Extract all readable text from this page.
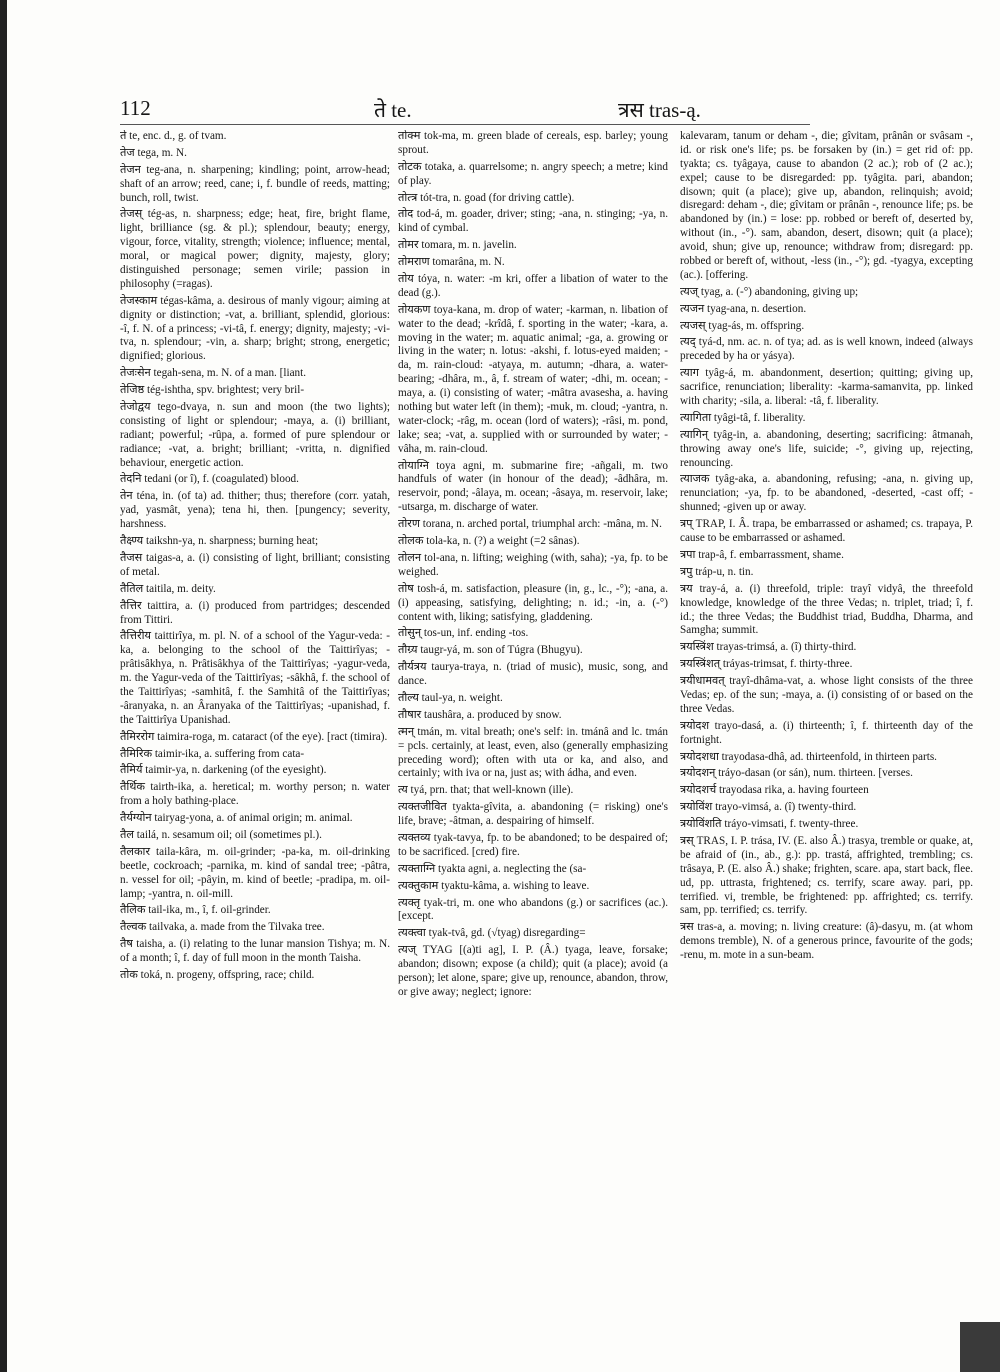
112	ते te.	त्रस tras-ą.

ते te, enc. d., g. of tvam.

तेज tega, m. N.

तेजन teg-ana, n. sharpening; kindling; point, arrow-head; shaft of an arrow; reed, cane; i, f. bundle of reeds, matting; bunch, roll, twist.

तेजस् tég-as, n. sharpness; edge; heat, fire, bright flame, light, brilliance (sg. & pl.); splendour, beauty; energy, vigour, force, vitality, strength; violence; influence; mental, moral, or magical power; dignity, majesty, glory; distinguished personage; semen virile; passion in philosophy (=ragas).

तेजस्काम tégas-kâma, a. desirous of manly vigour; aiming at dignity or distinction; -vat, a. brilliant, splendid, glorious: -î, f. N. of a princess; -vi-tâ, f. energy; dignity, majesty; -vi-tva, n. splendour; -vin, a. sharp; bright; strong, energetic; dignified; glorious.

तेजःसेन tegah-sena, m. N. of a man. [liant.

तेजिष्ठ tég-ishtha, spv. brightest; very bril-

तेजोद्वय tego-dvaya, n. sun and moon (the two lights); consisting of light or splendour; -maya, a. (i) brilliant, radiant; powerful; -rûpa, a. formed of pure splendour or radiance; -vat, a. bright; brilliant; -vritta, n. dignified behaviour, energetic action.

तेदनि tedani (or î), f. (coagulated) blood.

तेन téna, in. (of ta) ad. thither; thus; therefore (corr. yatah, yad, yasmât, yena); tena hi, then. [pungency; severity, harshness.

तैक्ष्ण्य taikshn-ya, n. sharpness; burning heat;

तैजस taigas-a, a. (i) consisting of light, brilliant; consisting of metal.

तैतिल taitila, m. deity.

तैत्तिर taittira, a. (i) produced from partridges; descended from Tittiri.

तैत्तिरीय taittirîya, m. pl. N. of a school of the Yagur-veda: -ka, a. belonging to the school of the Taittirîyas; -prâtisâkhya, n. Prâtisâkhya of the Taittirîyas; -yagur-veda, m. the Yagur-veda of the Taittirîyas; -sâkhâ, f. the school of the Taittirîyas; -samhitâ, f. the Samhitâ of the Taittirîyas; -âranyaka, n. an Âranyaka of the Taittirîyas; -upanishad, f. the Taittirîya Upanishad.

तैमिररोग taimira-roga, m. cataract (of the eye). [ract (timira).

तैमिरिक taimir-ika, a. suffering from cata-

तैमिर्य taimir-ya, n. darkening (of the eyesight).

तैर्थिक tairth-ika, a. heretical; m. worthy person; n. water from a holy bathing-place.

तैर्यग्योन tairyag-yona, a. of animal origin; m. animal.

तैल tailá, n. sesamum oil; oil (sometimes pl.).

तैलकार taila-kâra, m. oil-grinder; -pa-ka, m. oil-drinking beetle, cockroach; -parnika, m. kind of sandal tree; -pâtra, n. vessel for oil; -pâyin, m. kind of beetle; -pradipa, m. oil-lamp; -yantra, n. oil-mill.

तैलिक tail-ika, m., î, f. oil-grinder.

तैल्वक tailvaka, a. made from the Tilvaka tree.

तैष taisha, a. (i) relating to the lunar mansion Tishya; m. N. of a month; î, f. day of full moon in the month Taisha.

तोक toká, n. progeny, offspring, race; child.

तोक्म tok-ma, m. green blade of cereals, esp. barley; young sprout.

तोटक totaka, a. quarrelsome; n. angry speech; a metre; kind of play.

तोत्त्र tót-tra, n. goad (for driving cattle).

तोद tod-á, m. goader, driver; sting; -ana, n. stinging; -ya, n. kind of cymbal.

तोमर tomara, m. n. javelin.

तोमराण tomarâna, m. N.

तोय tóya, n. water: -m kri, offer a libation of water to the dead (g.).

तोयकण toya-kana, m. drop of water; -karman, n. libation of water to the dead; -krîdâ, f. sporting in the water; -kara, a. moving in the water; m. aquatic animal; -ga, a. growing or living in the water; n. lotus: -akshi, f. lotus-eyed maiden; -da, m. rain-cloud: -atyaya, m. autumn; -dhara, a. water-bearing; -dhâra, m., â, f. stream of water; -dhi, m. ocean; -maya, a. (i) consisting of water; -mâtra avasesha, a. having nothing but water left (in them); -muk, m. cloud; -yantra, n. water-clock; -râg, m. ocean (lord of waters); -râsi, m. pond, lake; sea; -vat, a. supplied with or surrounded by water; -vâha, m. rain-cloud.

तोयाग्नि toya agni, m. submarine fire; -añgali, m. two handfuls of water (in honour of the dead); -âdhâra, m. reservoir, pond; -âlaya, m. ocean; -âsaya, m. reservoir, lake; -utsarga, m. discharge of water.

तोरण torana, n. arched portal, triumphal arch: -mâna, m. N.

तोलक tola-ka, n. (?) a weight (=2 sânas).

तोलन tol-ana, n. lifting; weighing (with, saha); -ya, fp. to be weighed.

तोष tosh-á, m. satisfaction, pleasure (in, g., lc., -°); -ana, a. (i) appeasing, satisfying, delighting; n. id.; -in, a. (-°) content with, liking; satisfying, gladdening.

तोसुन् tos-un, inf. ending -tos.

तौग्र्य taugr-yá, m. son of Túgra (Bhugyu).

तौर्यत्रय taurya-traya, n. (triad of music), music, song, and dance.

तौल्य taul-ya, n. weight.

तौषार taushâra, a. produced by snow.

त्मन् tmán, m. vital breath; one's self: in. tmánâ and lc. tmán = pcls. certainly, at least, even, also (generally emphasizing preceding word); often with uta or ka, and also, and certainly; with iva or na, just as; with ádha, and even.

त्य tyá, prn. that; that well-known (ille).

त्यक्तजीवित tyakta-gîvita, a. abandoning (= risking) one's life, brave; -âtman, a. despairing of himself.

त्यक्तव्य tyak-tavya, fp. to be abandoned; to be despaired of; to be sacrificed. [cred) fire.

त्यक्ताग्नि tyakta agni, a. neglecting the (sa-

त्यक्तुकाम tyaktu-kâma, a. wishing to leave.

त्यक्तृ tyak-tri, m. one who abandons (g.) or sacrifices (ac.). [except.

त्यक्त्वा tyak-tvâ, gd. (√tyag) disregarding=

त्यज् TYAG [(a)ti ag], I. P. (Â.) tyaga, leave, forsake; abandon; disown; expose (a child); quit (a place); avoid (a person); let alone, spare; give up, renounce, abandon, throw, or give away; neglect; ignore:

kalevaram, tanum or deham -, die; gîvitam, prânân or svâsam -, id. or risk one's life; ps. be forsaken by (in.) = get rid of: pp. tyakta; cs. tyâgaya, cause to abandon (2 ac.); rob of (2 ac.); expel; cause to be disregarded: pp. tyâgita. pari, abandon; disown; quit (a place); give up, abandon, relinquish; avoid; disregard: deham -, die; gîvitam or prânân -, renounce life; ps. be abandoned by (in.) = lose: pp. robbed or bereft of, deserted by, without (in., -°). sam, abandon, desert, disown; quit (a place); avoid, shun; give up, renounce; withdraw from; disregard: pp. robbed or bereft of, without, -less (in., -°); gd. -tyagya, excepting (ac.). [offering.

त्यज् tyag, a. (-°) abandoning, giving up;

त्यजन tyag-ana, n. desertion.

त्यजस् tyag-ás, m. offspring.

त्यद् tyá-d, nm. ac. n. of tya; ad. as is well known, indeed (always preceded by ha or yásya).

त्याग tyâg-á, m. abandonment, desertion; quitting; giving up, sacrifice, renunciation; liberality: -karma-samanvita, pp. linked with charity; -sila, a. liberal: -tâ, f. liberality.

त्यागिता tyâgi-tâ, f. liberality.

त्यागिन् tyâg-in, a. abandoning, deserting; sacrificing: âtmanah, throwing away one's life, suicide; -°, giving up, rejecting, renouncing.

त्याजक tyâg-aka, a. abandoning, refusing; -ana, n. giving up, renunciation; -ya, fp. to be abandoned, -deserted, -cast off; -shunned; -given up or away.

त्रप् TRAP, I. Â. trapa, be embarrassed or ashamed; cs. trapaya, P. cause to be embarrassed or ashamed.

त्रपा trap-â, f. embarrassment, shame.

त्रपु tráp-u, n. tin.

त्रय tray-á, a. (i) threefold, triple: trayî vidyâ, the threefold knowledge, knowledge of the three Vedas; n. triplet, triad; î, f. id.; the three Vedas; the Buddhist triad, Buddha, Dharma, and Samgha; summit.

त्रयस्त्रिंश trayas-trimsá, a. (î) thirty-third.

त्रयस्त्रिंशत् tráyas-trimsat, f. thirty-three.

त्रयीधामवत् trayî-dhâma-vat, a. whose light consists of the three Vedas; ep. of the sun; -maya, a. (i) consisting of or based on the three Vedas.

त्रयोदश trayo-dasá, a. (i) thirteenth; î, f. thirteenth day of the fortnight.

त्रयोदशधा trayodasa-dhâ, ad. thirteenfold, in thirteen parts.

त्रयोदशन् tráyo-dasan (or sán), num. thirteen. [verses.

त्रयोदशर्च trayodasa rika, a. having fourteen

त्रयोविंश trayo-vimsá, a. (î) twenty-third.

त्रयोविंशति tráyo-vimsati, f. twenty-three.

त्रस् TRAS, I. P. trása, IV. (E. also Â.) trasya, tremble or quake, at, be afraid of (in., ab., g.): pp. trastá, affrighted, trembling; cs. trâsaya, P. (E. also Â.) shake; frighten, scare. apa, start back, flee. ud, pp. uttrasta, frightened; cs. terrify, scare away. pari, pp. terrified. vi, tremble, be frightened: pp. affrighted; cs. terrify. sam, pp. terrified; cs. terrify.

त्रस tras-a, a. moving; n. living creature: (â)-dasyu, m. (at whom demons tremble), N. of a generous prince, favourite of the gods; -renu, m. mote in a sun-beam.
